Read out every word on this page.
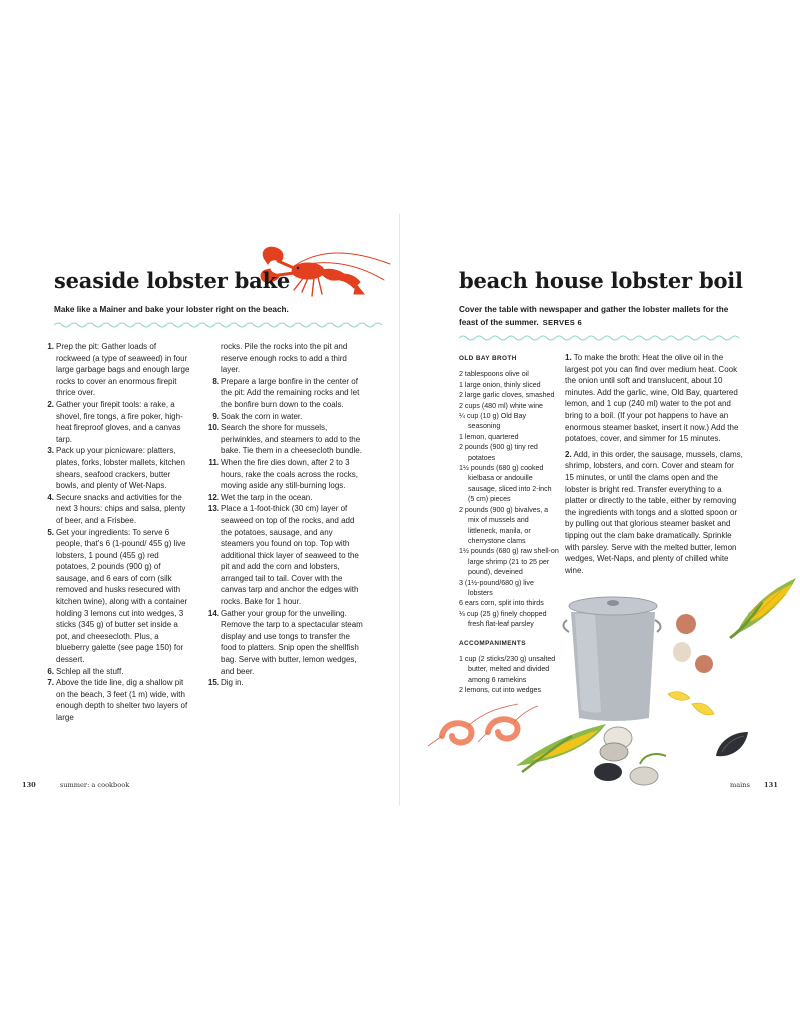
seaside lobster bake

Make like a Mainer and bake your lobster right on the beach.

1. Prep the pit: Gather loads of rockweed (a type of seaweed) in four large garbage bags and enough large rocks to cover an enormous firepit thrice over.
2. Gather your firepit tools: a rake, a shovel, fire tongs, a fire poker, high-heat fireproof gloves, and a canvas tarp.
3. Pack up your picnicware: platters, plates, forks, lobster mallets, kitchen shears, seafood crackers, butter bowls, and plenty of Wet-Naps.
4. Secure snacks and activities for the next 3 hours: chips and salsa, plenty of beer, and a Frisbee.
5. Get your ingredients: To serve 6 people, that's 6 (1-pound/ 455 g) live lobsters, 1 pound (455 g) red potatoes, 2 pounds (900 g) of sausage, and 6 ears of corn (silk removed and husks resecured with kitchen twine), along with a container holding 3 lemons cut into wedges, 3 sticks (345 g) of butter set inside a pot, and cheesecloth. Plus, a blueberry galette (see page 150) for dessert.
6. Schlep all the stuff.
7. Above the tide line, dig a shallow pit on the beach, 3 feet (1 m) wide, with enough depth to shelter two layers of large
rocks. Pile the rocks into the pit and reserve enough rocks to add a third layer.
8. Prepare a large bonfire in the center of the pit: Add the remaining rocks and let the bonfire burn down to the coals.
9. Soak the corn in water.
10. Search the shore for mussels, periwinkles, and steamers to add to the bake. Tie them in a cheesecloth bundle.
11. When the fire dies down, after 2 to 3 hours, rake the coals across the rocks, moving aside any still-burning logs.
12. Wet the tarp in the ocean.
13. Place a 1-foot-thick (30 cm) layer of seaweed on top of the rocks, and add the potatoes, sausage, and any steamers you found on top. Top with additional thick layer of seaweed to the pit and add the corn and lobsters, arranged tail to tail. Cover with the canvas tarp and anchor the edges with rocks. Bake for 1 hour.
14. Gather your group for the unveiling. Remove the tarp to a spectacular steam display and use tongs to transfer the food to platters. Snip open the shellfish bag. Serve with butter, lemon wedges, and beer.
15. Dig in.
130	summer: a cookbook
beach house lobster boil

Cover the table with newspaper and gather the lobster mallets for the feast of the summer. SERVES 6

OLD BAY BROTH
2 tablespoons olive oil
1 large onion, thinly sliced
2 large garlic cloves, smashed
2 cups (480 ml) white wine
¼ cup (10 g) Old Bay seasoning
1 lemon, quartered
2 pounds (900 g) tiny red potatoes
1½ pounds (680 g) cooked kielbasa or andouille sausage, sliced into 2-inch (5 cm) pieces
2 pounds (900 g) bivalves, a mix of mussels and littleneck, manila, or cherrystone clams
1½ pounds (680 g) raw shell-on large shrimp (21 to 25 per pound), deveined
3 (1½-pound/680 g) live lobsters
6 ears corn, split into thirds
⅓ cup (25 g) finely chopped fresh flat-leaf parsley
ACCOMPANIMENTS
1 cup (2 sticks/230 g) unsalted butter, melted and divided among 6 ramekins
2 lemons, cut into wedges

1. To make the broth: Heat the olive oil in the largest pot you can find over medium heat. Cook the onion until soft and translucent, about 10 minutes. Add the garlic, wine, Old Bay, quartered lemon, and 1 cup (240 ml) water to the pot and bring to a boil. (If your pot happens to have an enormous steamer basket, insert it now.) Add the potatoes, cover, and simmer for 15 minutes.

2. Add, in this order, the sausage, mussels, clams, shrimp, lobsters, and corn. Cover and steam for 15 minutes, or until the clams open and the lobster is bright red. Transfer everything to a platter or directly to the table, either by removing the ingredients with tongs and a slotted spoon or by pulling out that glorious steamer basket and tipping out the clam bake dramatically. Sprinkle with parsley. Serve with the melted butter, lemon wedges, Wet-Naps, and plenty of chilled white wine.

mains 131
